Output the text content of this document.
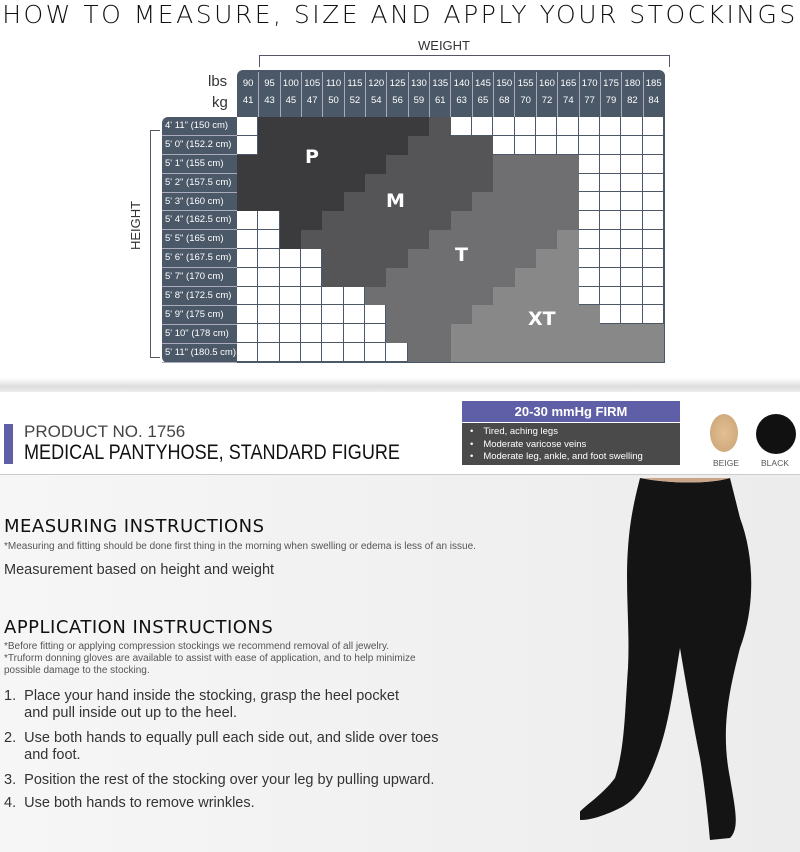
HOW TO MEASURE, SIZE AND APPLY YOUR STOCKINGS
WEIGHT
lbs
kg
90
41
95
43
100
45
105
47
110
50
115
52
120
54
125
56
130
59
135
61
140
63
145
65
150
68
155
70
160
72
165
74
170
77
175
79
180
82
185
84
HEIGHT
4' 11" (150 cm)
5' 0" (152.2 cm)
5' 1" (155 cm)
5' 2" (157.5 cm)
5' 3" (160 cm)
5' 4" (162.5 cm)
5' 5" (165 cm)
5' 6" (167.5 cm)
5' 7" (170 cm)
5' 8" (172.5 cm)
5' 9" (175 cm)
5' 10" (178 cm)
5' 11" (180.5 cm)
P
M
T
XT
PRODUCT NO. 1756
MEDICAL PANTYHOSE, STANDARD FIGURE
20-30 mmHg FIRM
• Tired, aching legs
• Moderate varicose veins
• Moderate leg, ankle, and foot swelling
BEIGE	BLACK
MEASURING INSTRUCTIONS
*Measuring and fitting should be done first thing in the morning when swelling or edema is less of an issue.
Measurement based on height and weight
APPLICATION INSTRUCTIONS
*Before fitting or applying compression stockings we recommend removal of all jewelry.
*Truform donning gloves are available to assist with ease of application, and to help minimize possible damage to the stocking.
1.  Place your hand inside the stocking, grasp the heel pocket
and pull inside out up to the heel.
2.  Use both hands to equally pull each side out, and slide over toes
and foot.
3.  Position the rest of the stocking over your leg by pulling upward.
4.  Use both hands to remove wrinkles.
